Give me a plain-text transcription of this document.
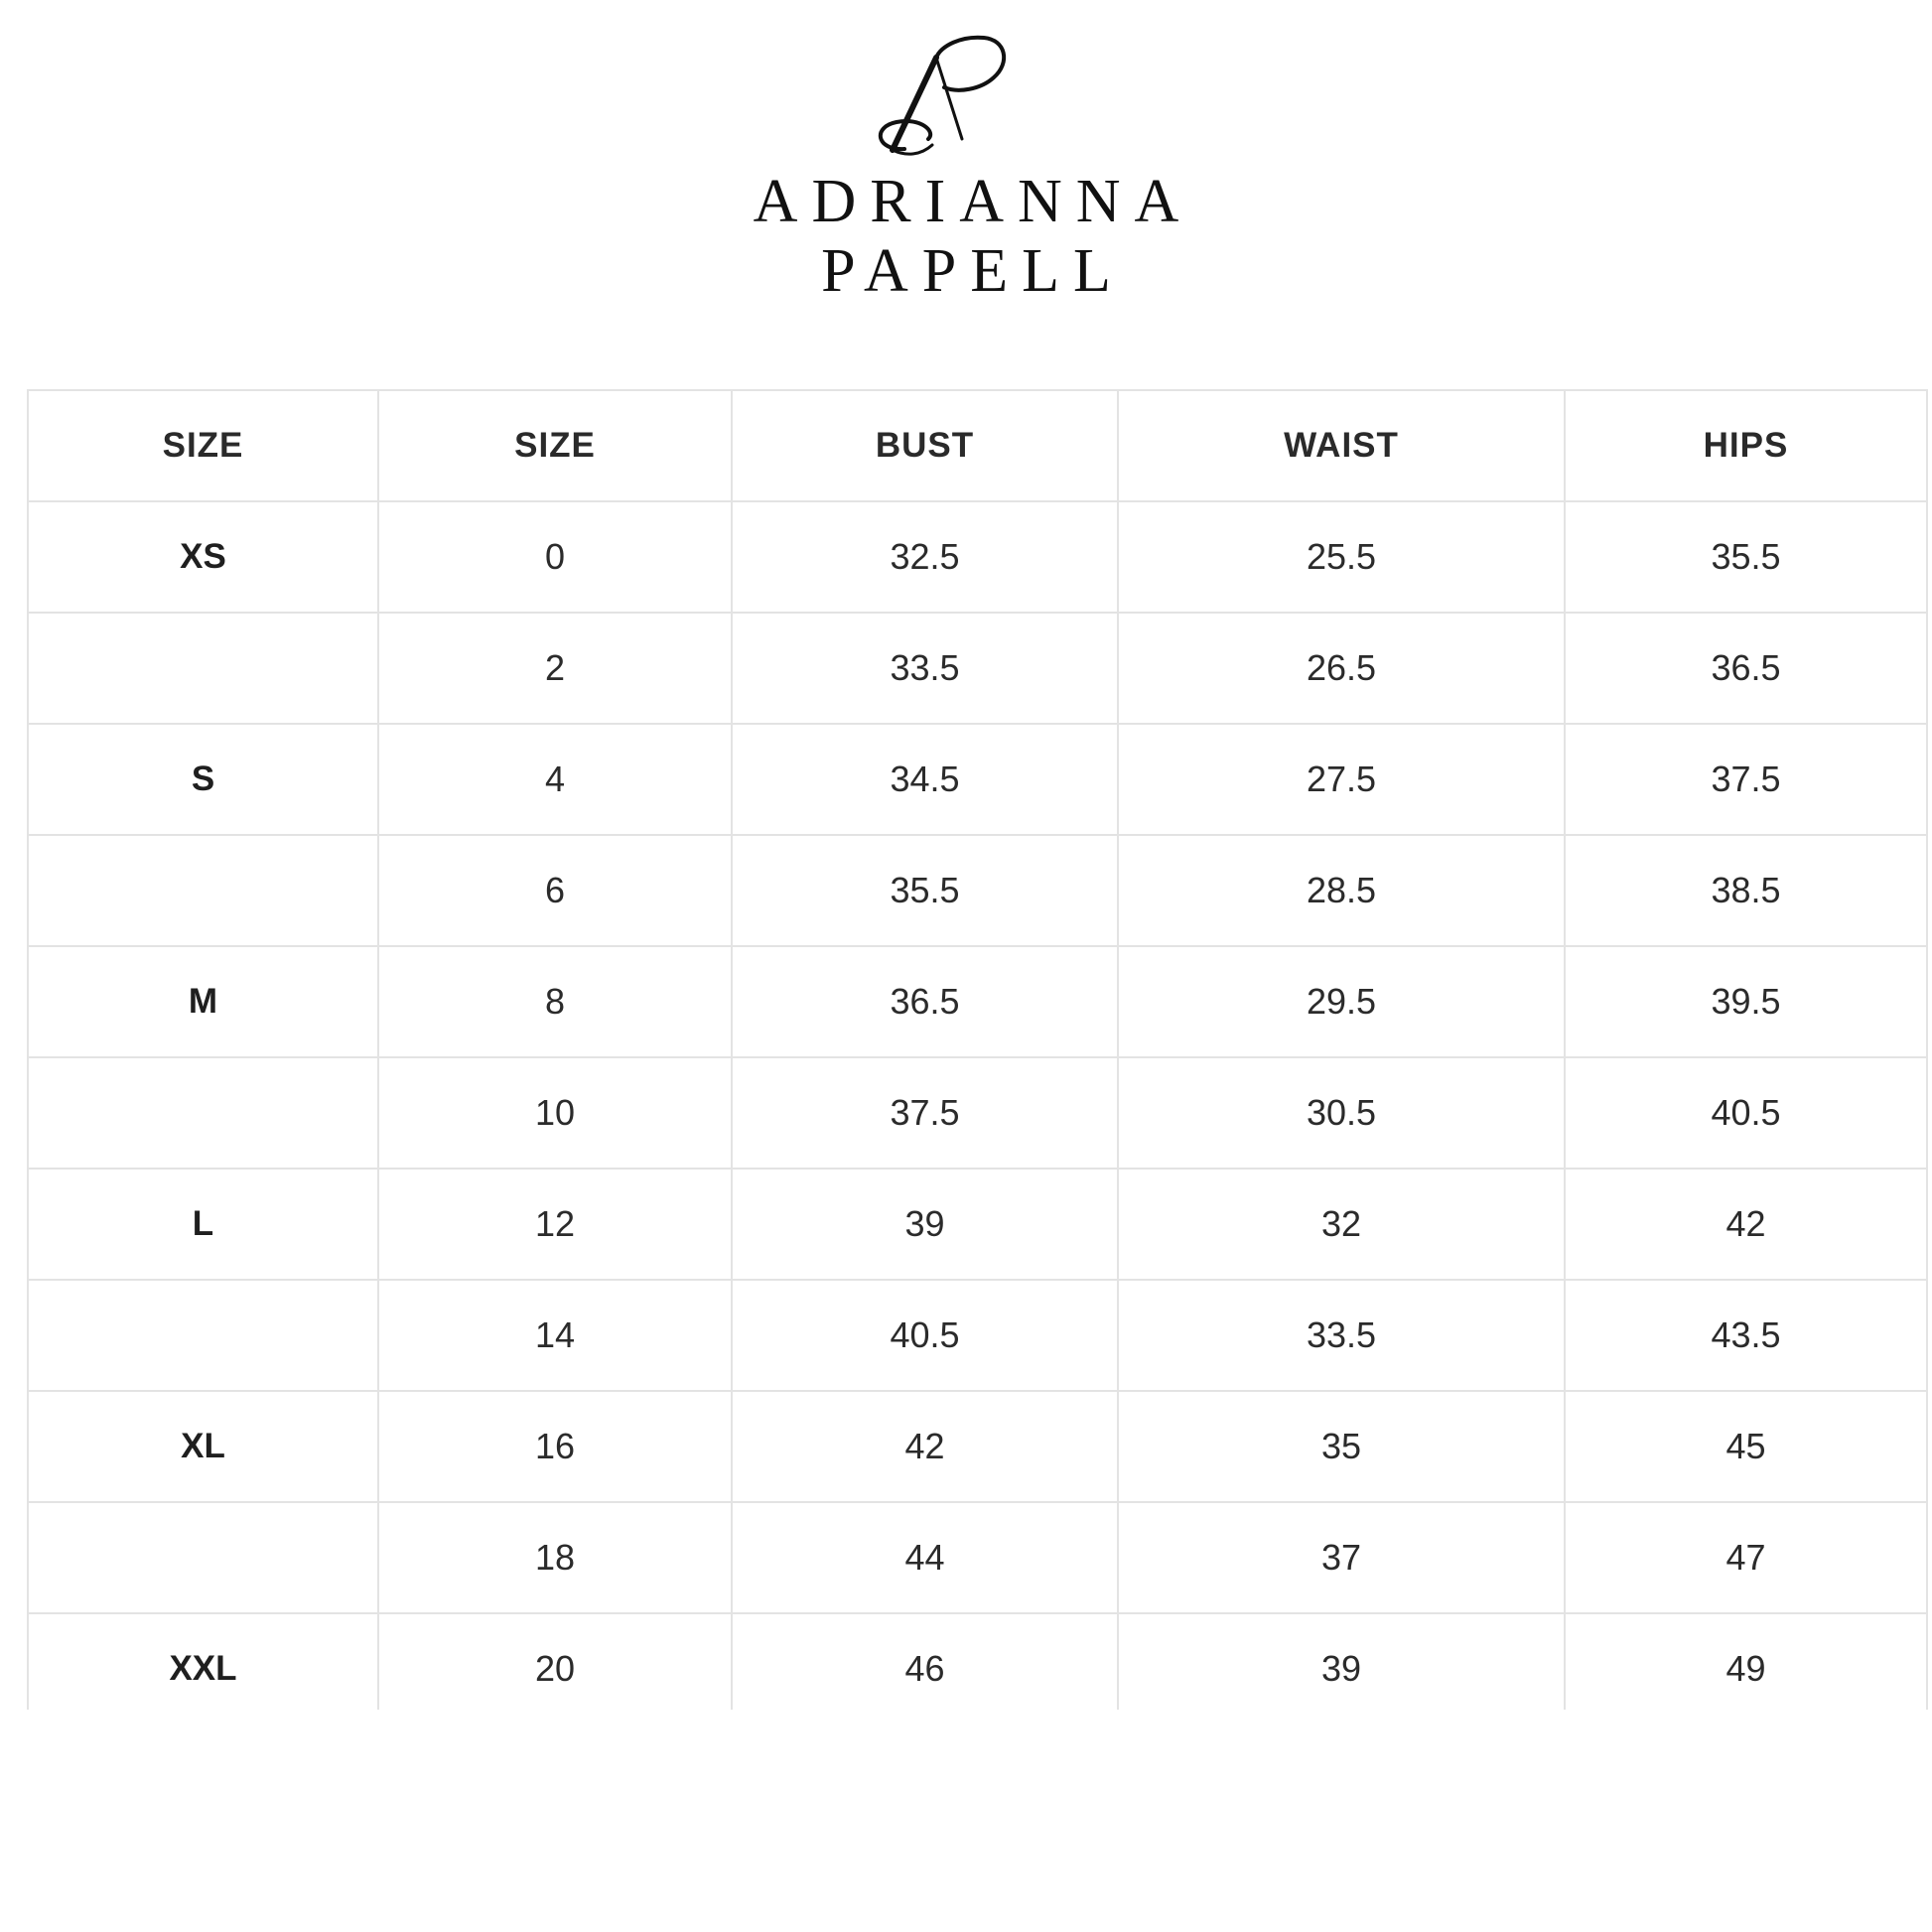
ADRIANNA
PAPELL
SIZE	SIZE	BUST	WAIST	HIPS
XS	0	32.5	25.5	35.5
	2	33.5	26.5	36.5
S	4	34.5	27.5	37.5
	6	35.5	28.5	38.5
M	8	36.5	29.5	39.5
	10	37.5	30.5	40.5
L	12	39	32	42
	14	40.5	33.5	43.5
XL	16	42	35	45
	18	44	37	47
XXL	20	46	39	49
